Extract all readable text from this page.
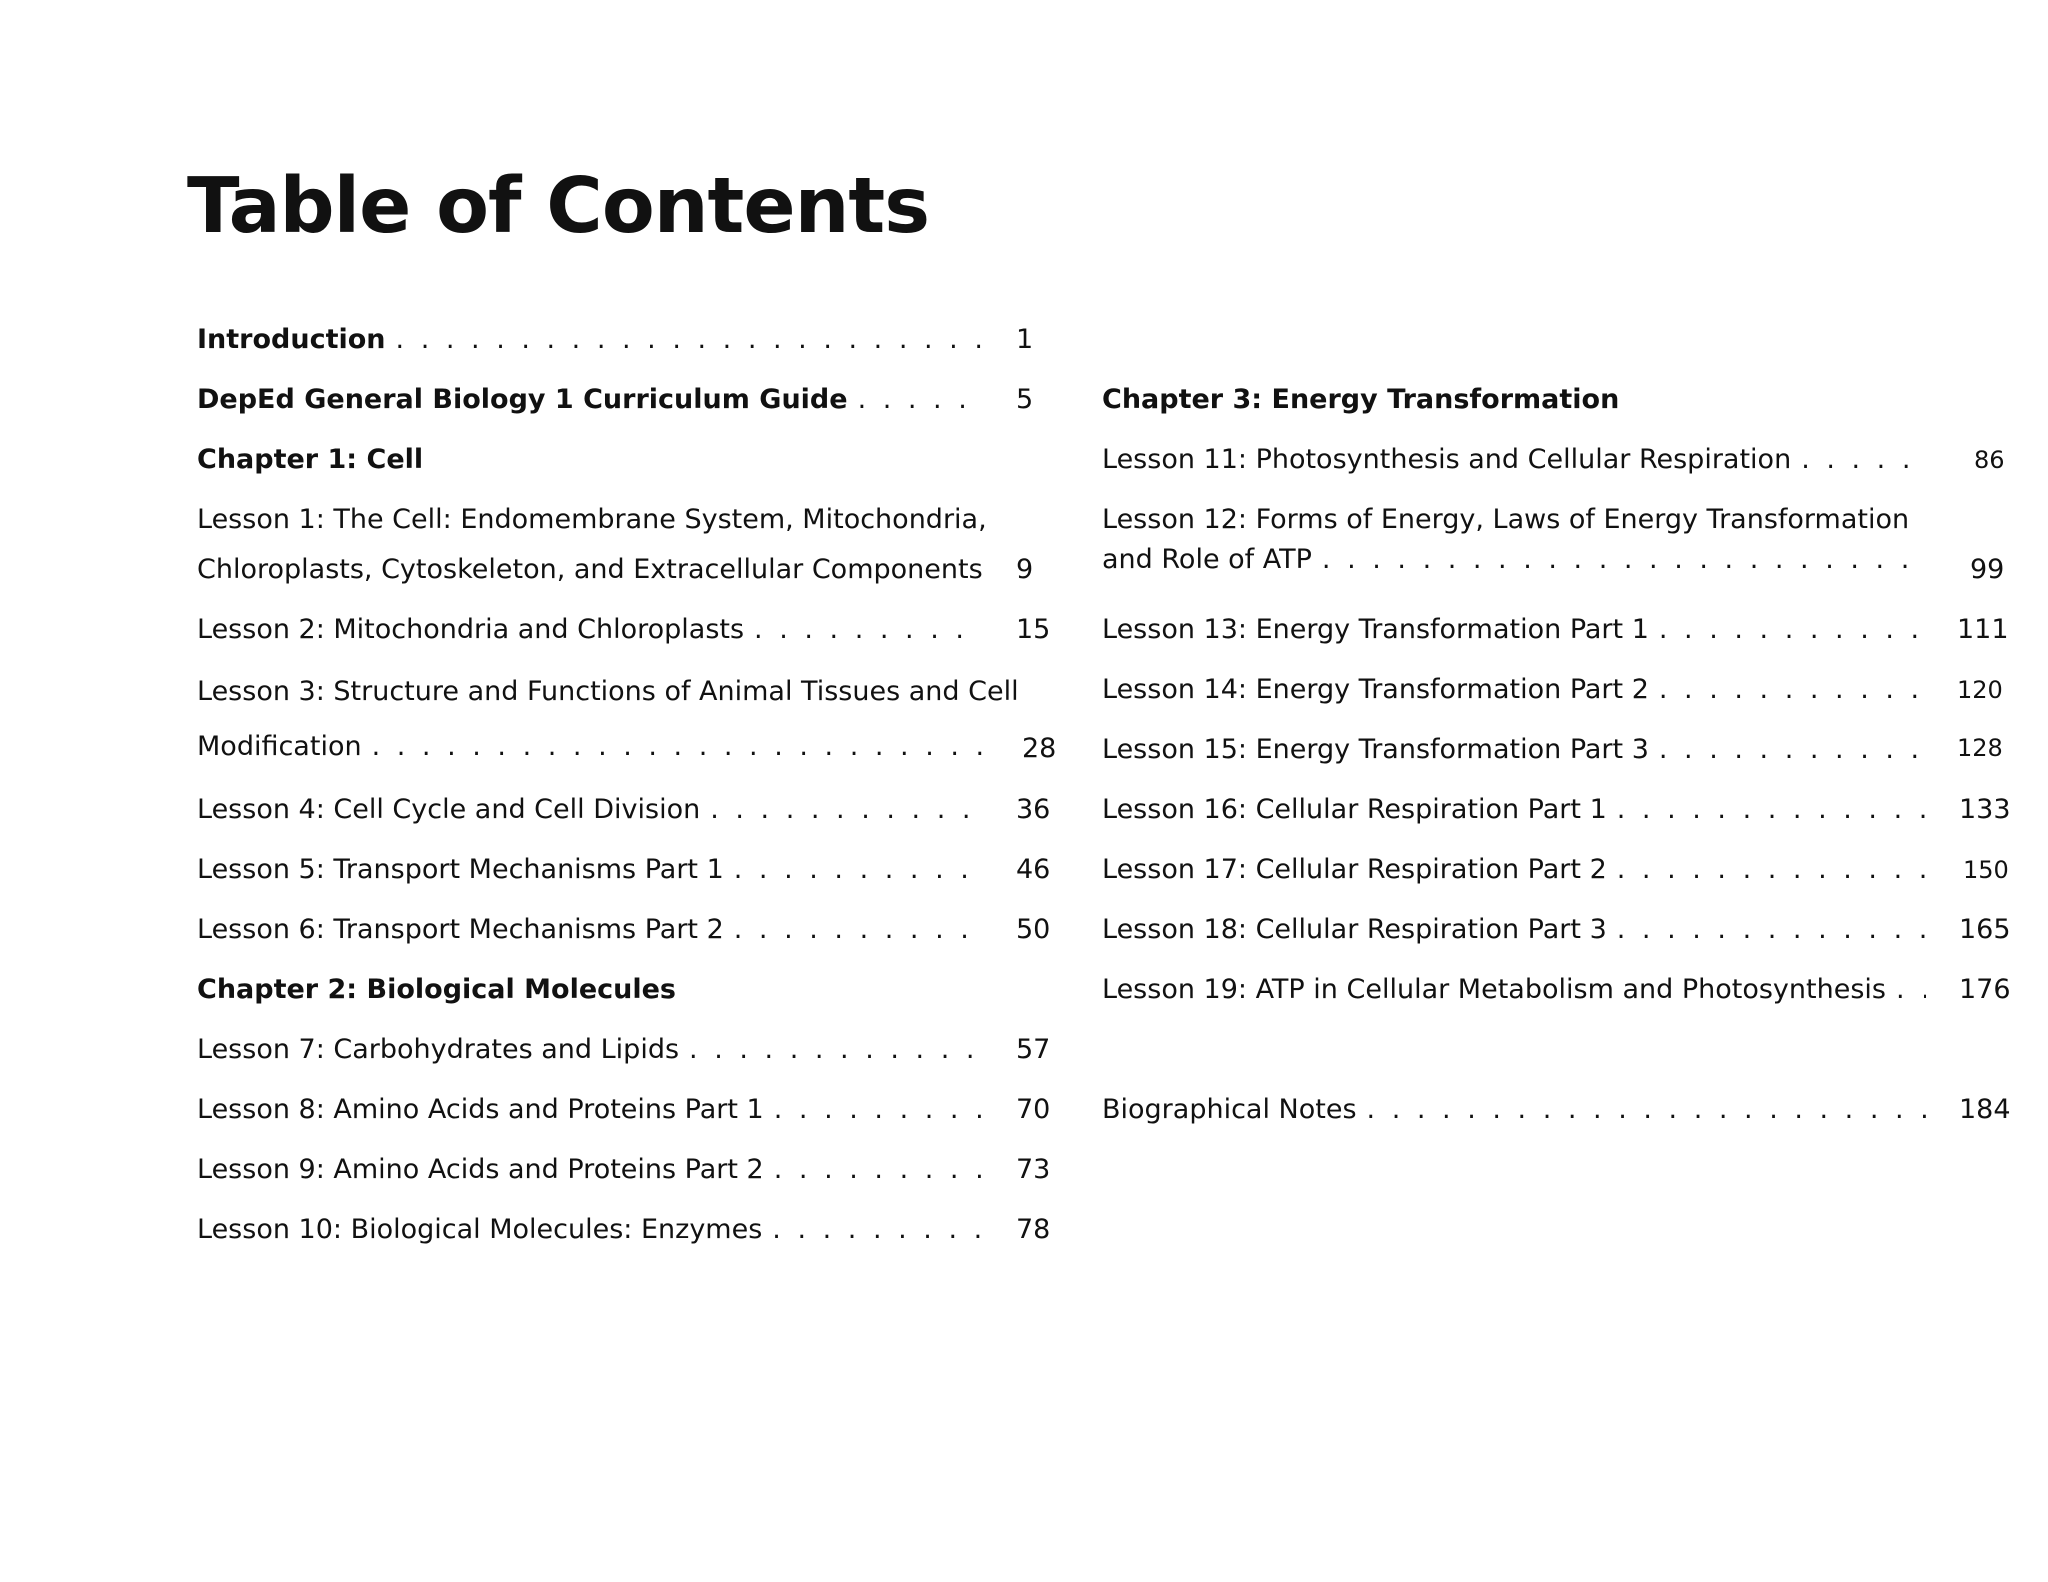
Table of Contents
Introduction . . .	1
DepEd General Biology 1 Curriculum Guide . . .	5
Chapter 1: Cell
Lesson 1: The Cell: Endomembrane System, Mitochondria,
Chloroplasts, Cytoskeleton, and Extracellular Components 9
Lesson 2: Mitochondria and Chloroplasts . . .	15
Lesson 3: Structure and Functions of Animal Tissues and Cell
Modification . . .	28
Lesson 4: Cell Cycle and Cell Division . . .	36
Lesson 5: Transport Mechanisms Part 1 . . .	46
Lesson 6: Transport Mechanisms Part 2 . . .	50
Chapter 2: Biological Molecules
Lesson 7: Carbohydrates and Lipids . . .	57
Lesson 8: Amino Acids and Proteins Part 1 . . .	70
Lesson 9: Amino Acids and Proteins Part 2 . . .	73
Lesson 10: Biological Molecules: Enzymes . . .	78
Chapter 3: Energy Transformation
Lesson 11: Photosynthesis and Cellular Respiration . . .	86
Lesson 12: Forms of Energy, Laws of Energy Transformation
and Role of ATP . . .	99
Lesson 13: Energy Transformation Part 1 . . .	111
Lesson 14: Energy Transformation Part 2 . . .	120
Lesson 15: Energy Transformation Part 3 . . .	128
Lesson 16: Cellular Respiration Part 1 . . .	133
Lesson 17: Cellular Respiration Part 2 . . .	150
Lesson 18: Cellular Respiration Part 3 . . .	165
Lesson 19: ATP in Cellular Metabolism and Photosynthesis . . .	176
Biographical Notes . . .	184
